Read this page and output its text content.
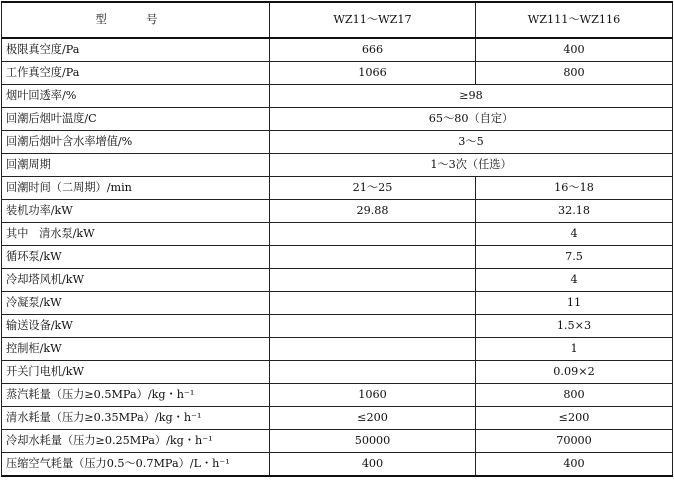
型 号	WZ11～WZ17	WZ111～WZ116
极限真空度/Pa	666	400
工作真空度/Pa	1066	800
烟叶回透率/%	≥98	
回潮后烟叶温度/C	65～80（自定）	
回潮后烟叶含水率增值/%	3～5	
回潮周期	1～3次（任选）	
回潮时间（二周期）/min	21～25	16～18
装机功率/kW	29.88	32.18
其中 清水泵/kW		4
循环泵/kW		7.5
冷却塔风机/kW		4
冷凝泵/kW		11
输送设备/kW		1.5×3
控制柜/kW		1
开关门电机/kW		0.09×2
蒸汽耗量（压力≥0.5MPa）/kg・h⁻¹	1060	800
清水耗量（压力≥0.35MPa）/kg・h⁻¹	≤200	≤200
冷却水耗量（压力≥0.25MPa）/kg・h⁻¹	50000	70000
压缩空气耗量（压力0.5～0.7MPa）/L・h⁻¹	400	400
